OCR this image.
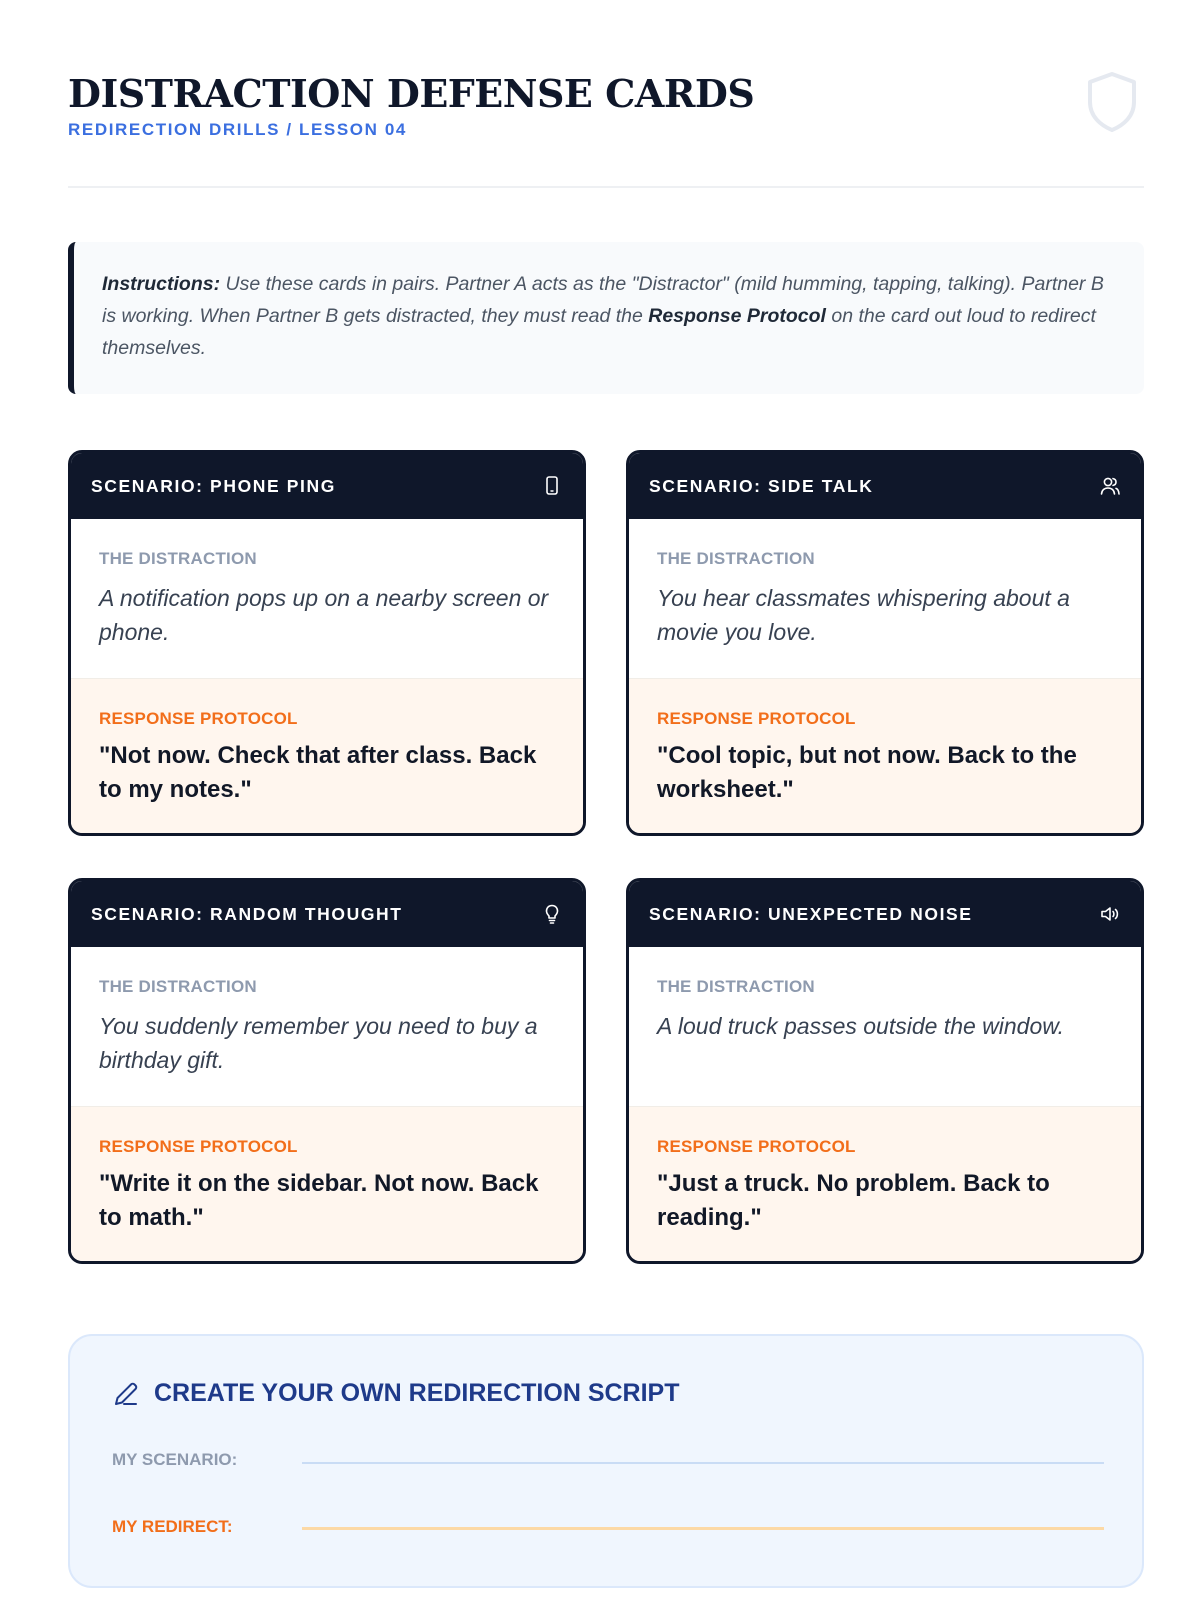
DISTRACTION DEFENSE CARDS
REDIRECTION DRILLS / LESSON 04
Instructions: Use these cards in pairs. Partner A acts as the "Distractor" (mild humming, tapping, talking). Partner B is working. When Partner B gets distracted, they must read the Response Protocol on the card out loud to redirect themselves.
SCENARIO: PHONE PING
THE DISTRACTION
A notification pops up on a nearby screen or phone.
RESPONSE PROTOCOL
"Not now. Check that after class. Back to my notes."
SCENARIO: SIDE TALK
THE DISTRACTION
You hear classmates whispering about a movie you love.
RESPONSE PROTOCOL
"Cool topic, but not now. Back to the worksheet."
SCENARIO: RANDOM THOUGHT
THE DISTRACTION
You suddenly remember you need to buy a birthday gift.
RESPONSE PROTOCOL
"Write it on the sidebar. Not now. Back to math."
SCENARIO: UNEXPECTED NOISE
THE DISTRACTION
A loud truck passes outside the window.
RESPONSE PROTOCOL
"Just a truck. No problem. Back to reading."
CREATE YOUR OWN REDIRECTION SCRIPT
MY SCENARIO:
MY REDIRECT:
